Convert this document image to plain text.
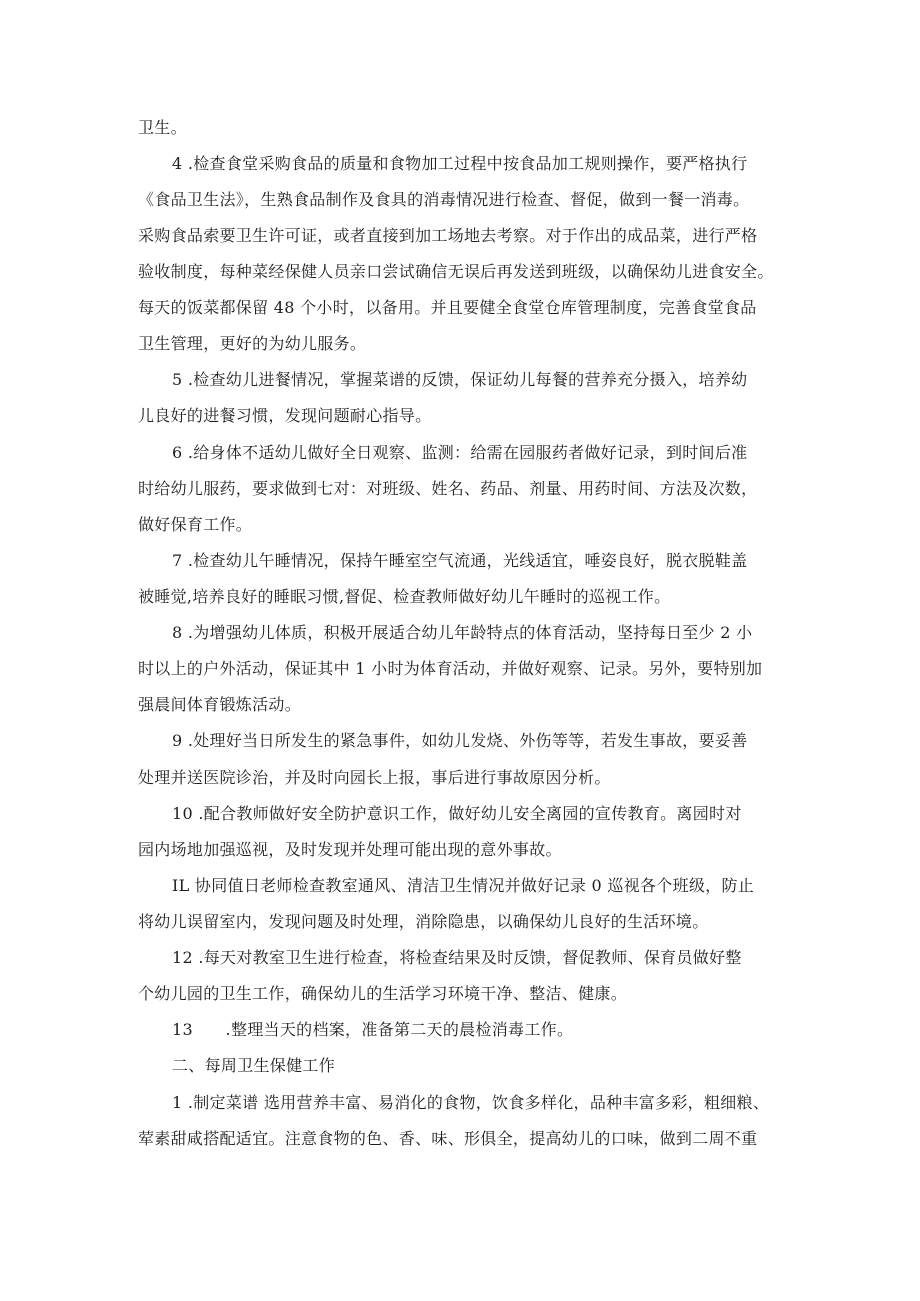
卫生。
4 .检查食堂采购食品的质量和食物加工过程中按食品加工规则操作，要严格执行
《食品卫生法》，生熟食品制作及食具的消毒情况进行检查、督促，做到一餐一消毒。
采购食品索要卫生许可证，或者直接到加工场地去考察。对于作出的成品菜，进行严格
验收制度，每种菜经保健人员亲口尝试确信无误后再发送到班级，以确保幼儿进食安全。
每天的饭菜都保留 48 个小时，以备用。并且要健全食堂仓库管理制度，完善食堂食品
卫生管理，更好的为幼儿服务。
5 .检查幼儿进餐情况，掌握菜谱的反馈，保证幼儿每餐的营养充分摄入，培养幼
儿良好的进餐习惯，发现问题耐心指导。
6 .给身体不适幼儿做好全日观察、监测：给需在园服药者做好记录，到时间后准
时给幼儿服药，要求做到七对：对班级、姓名、药品、剂量、用药时间、方法及次数，
做好保育工作。
7 .检查幼儿午睡情况，保持午睡室空气流通，光线适宜，唾姿良好，脱衣脱鞋盖
被睡觉,培养良好的睡眠习惯,督促、检查教师做好幼儿午睡时的巡视工作。
8 .为增强幼儿体质，积极开展适合幼儿年龄特点的体育活动，坚持每日至少 2 小
时以上的户外活动，保证其中 1 小时为体育活动，并做好观察、记录。另外，要特别加
强晨间体育锻炼活动。
9 .处理好当日所发生的紧急事件，如幼儿发烧、外伤等等，若发生事故，要妥善
处理并送医院诊治，并及时向园长上报，事后进行事故原因分析。
10 .配合教师做好安全防护意识工作，做好幼儿安全离园的宣传教育。离园时对
园内场地加强巡视，及时发现并处理可能出现的意外事故。
IL 协同值日老师检查教室通风、清洁卫生情况并做好记录 0 巡视各个班级，防止
将幼儿误留室内，发现问题及时处理，消除隐患，以确保幼儿良好的生活环境。
12 .每天对教室卫生进行检查，将检查结果及时反馈，督促教师、保育员做好整
个幼儿园的卫生工作，确保幼儿的生活学习环境干净、整洁、健康。
13　　.整理当天的档案，准备第二天的晨检消毒工作。
二、每周卫生保健工作
1 .制定菜谱 选用营养丰富、易消化的食物，饮食多样化，品种丰富多彩，粗细粮、
荤素甜咸搭配适宜。注意食物的色、香、味、形俱全，提高幼儿的口味，做到二周不重
